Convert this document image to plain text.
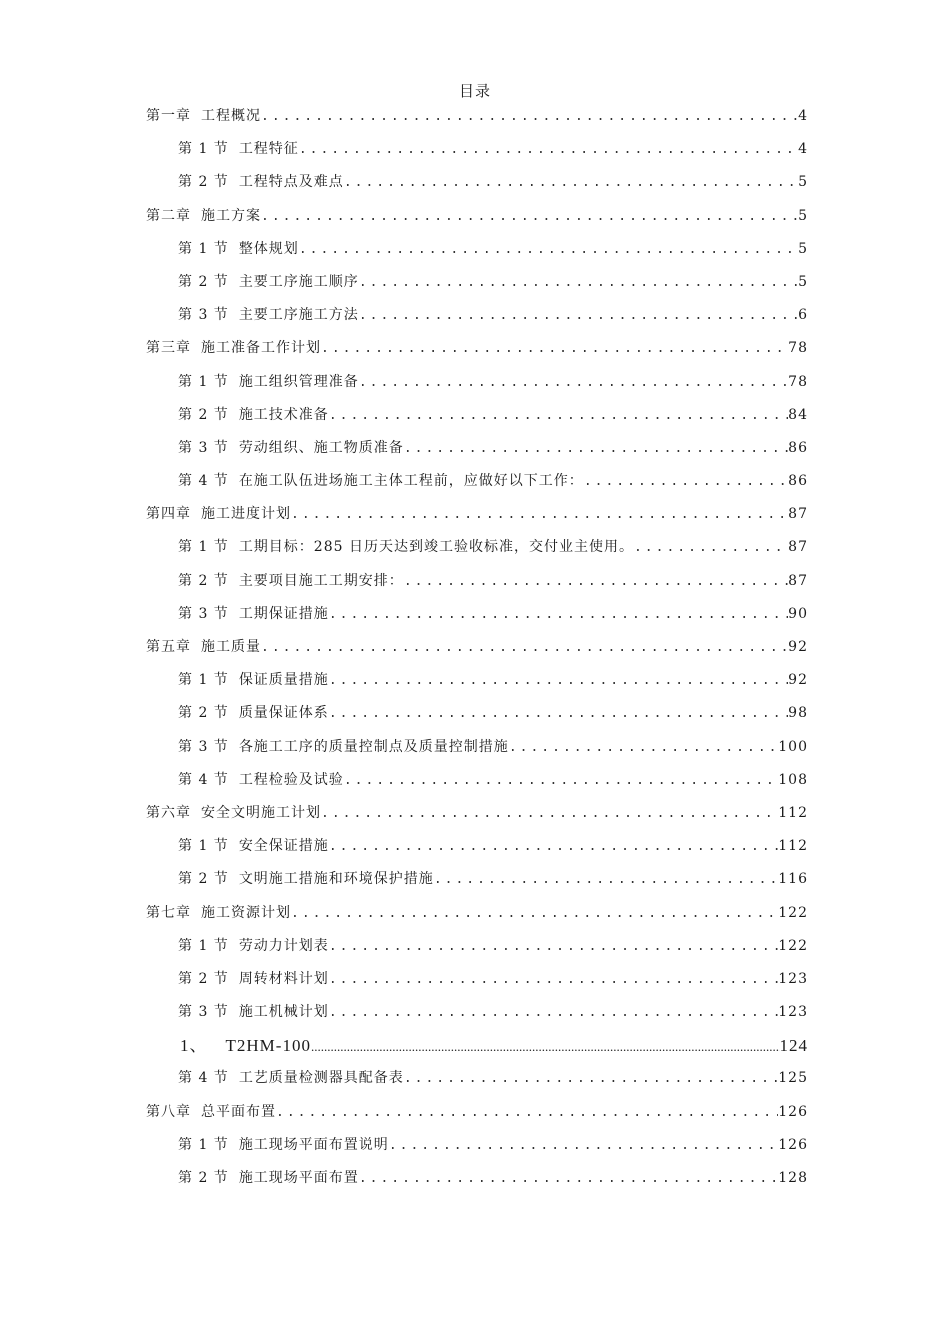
目录
第一章 工程概况 .....	4
第 1 节 工程特征 .....	4
第 2 节 工程特点及难点 .....	5
第二章 施工方案 .....	5
第 1 节 整体规划 .....	5
第 2 节 主要工序施工顺序 .....	5
第 3 节 主要工序施工方法 .....	6
第三章 施工准备工作计划 .....	78
第 1 节 施工组织管理准备 .....	78
第 2 节 施工技术准备 .....	84
第 3 节 劳动组织、施工物质准备 .....	86
第 4 节 在施工队伍进场施工主体工程前，应做好以下工作： .....	86
第四章 施工进度计划 .....	87
第 1 节 工期目标：285 日历天达到竣工验收标准，交付业主使用。 .....	87
第 2 节 主要项目施工工期安排： .....	87
第 3 节 工期保证措施 .....	90
第五章 施工质量 .....	92
第 1 节 保证质量措施 .....	92
第 2 节 质量保证体系 .....	98
第 3 节 各施工工序的质量控制点及质量控制措施 .....	100
第 4 节 工程检验及试验 .....	108
第六章 安全文明施工计划 .....	112
第 1 节 安全保证措施 .....	112
第 2 节 文明施工措施和环境保护措施 .....	116
第七章 施工资源计划 .....	122
第 1 节 劳动力计划表 .....	122
第 2 节 周转材料计划 .....	123
第 3 节 施工机械计划 .....	123
1、 T2HM-100 .....	124
第 4 节 工艺质量检测器具配备表 .....	125
第八章 总平面布置 .....	126
第 1 节 施工现场平面布置说明 .....	126
第 2 节 施工现场平面布置 .....	128
